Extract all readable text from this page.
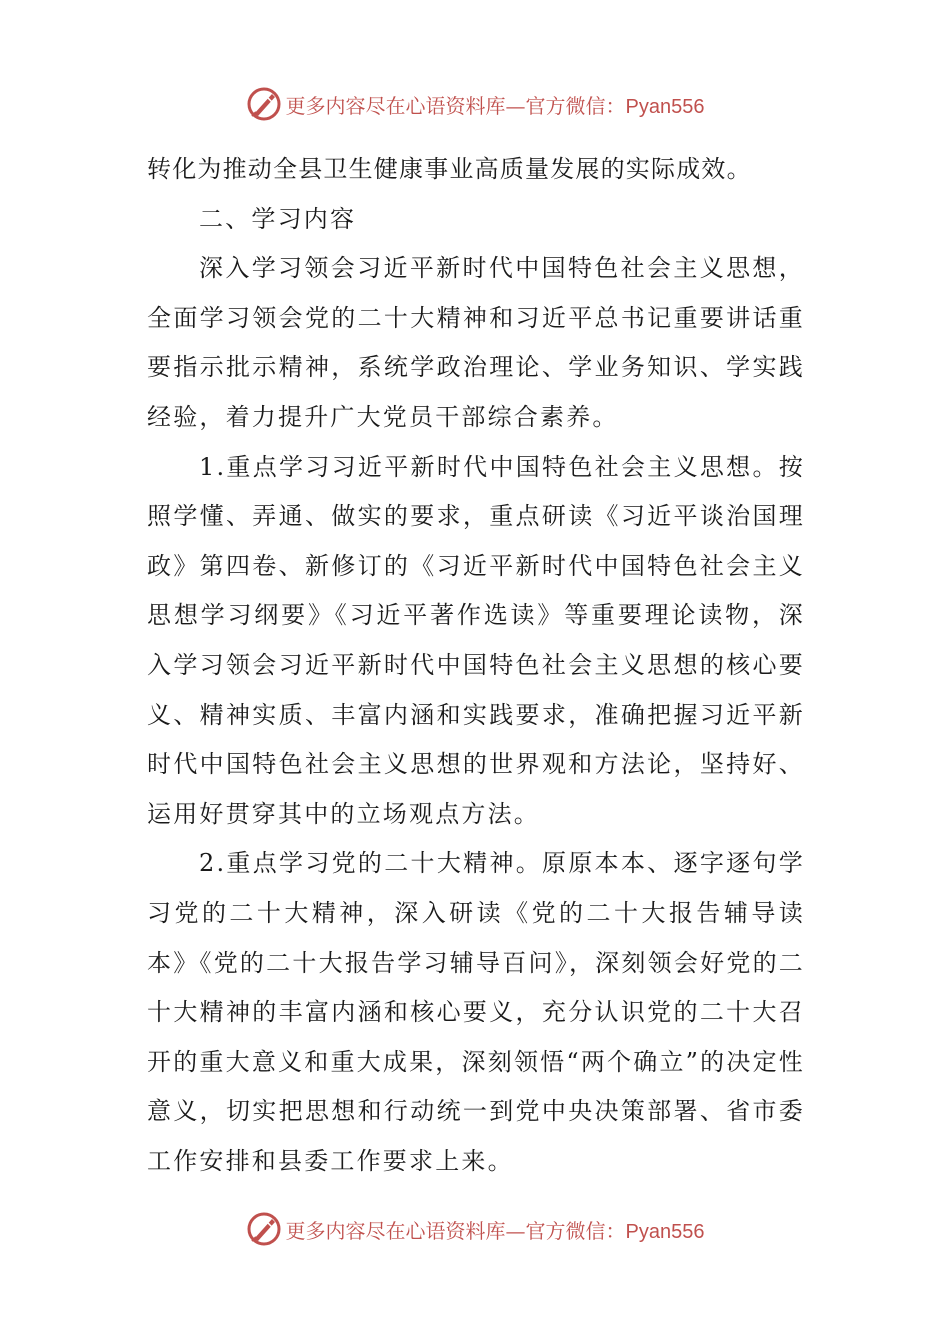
更多内容尽在心语资料库—官方微信：Pyan556

转化为推动全县卫生健康事业高质量发展的实际成效。

二、学习内容

深入学习领会习近平新时代中国特色社会主义思想，全面学习领会党的二十大精神和习近平总书记重要讲话重要指示批示精神，系统学政治理论、学业务知识、学实践经验，着力提升广大党员干部综合素养。

1.重点学习习近平新时代中国特色社会主义思想。按照学懂、弄通、做实的要求，重点研读《习近平谈治国理政》第四卷、新修订的《习近平新时代中国特色社会主义思想学习纲要》《习近平著作选读》等重要理论读物，深入学习领会习近平新时代中国特色社会主义思想的核心要义、精神实质、丰富内涵和实践要求，准确把握习近平新时代中国特色社会主义思想的世界观和方法论，坚持好、运用好贯穿其中的立场观点方法。

2.重点学习党的二十大精神。原原本本、逐字逐句学习党的二十大精神，深入研读《党的二十大报告辅导读本》《党的二十大报告学习辅导百问》，深刻领会好党的二十大精神的丰富内涵和核心要义，充分认识党的二十大召开的重大意义和重大成果，深刻领悟“两个确立”的决定性意义，切实把思想和行动统一到党中央决策部署、省市委工作安排和县委工作要求上来。

更多内容尽在心语资料库—官方微信：Pyan556
